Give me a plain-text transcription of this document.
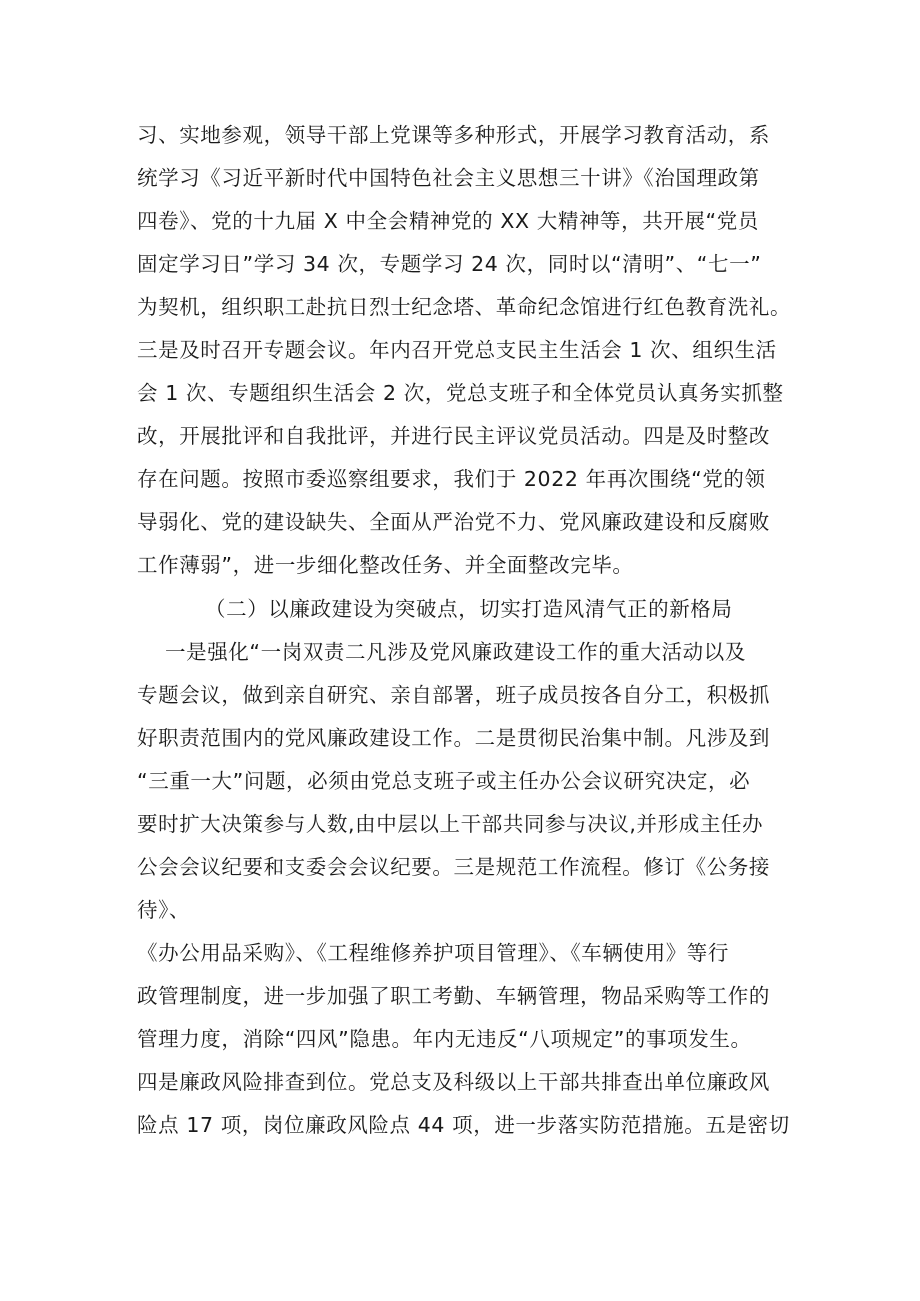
习、实地参观，领导干部上党课等多种形式，开展学习教育活动，系
统学习《习近平新时代中国特色社会主义思想三十讲》《治国理政第
四卷》、党的十九届 X 中全会精神党的 XX 大精神等，共开展“党员
固定学习日”学习 34 次，专题学习 24 次，同时以“清明”、“七一”
为契机，组织职工赴抗日烈士纪念塔、革命纪念馆进行红色教育洗礼。
三是及时召开专题会议。年内召开党总支民主生活会 1 次、组织生活
会 1 次、专题组织生活会 2 次，党总支班子和全体党员认真务实抓整
改，开展批评和自我批评，并进行民主评议党员活动。四是及时整改
存在问题。按照市委巡察组要求，我们于 2022 年再次围绕“党的领
导弱化、党的建设缺失、全面从严治党不力、党风廉政建设和反腐败
工作薄弱”，进一步细化整改任务、并全面整改完毕。
（二）以廉政建设为突破点，切实打造风清气正的新格局
一是强化“一岗双责二凡涉及党风廉政建设工作的重大活动以及
专题会议，做到亲自研究、亲自部署，班子成员按各自分工，积极抓
好职责范围内的党风廉政建设工作。二是贯彻民治集中制。凡涉及到
“三重一大”问题，必须由党总支班子或主任办公会议研究决定，必
要时扩大决策参与人数,由中层以上干部共同参与决议,并形成主任办
公会会议纪要和支委会会议纪要。三是规范工作流程。修订《公务接
待》、
《办公用品采购》、《工程维修养护项目管理》、《车辆使用》等行
政管理制度，进一步加强了职工考勤、车辆管理，物品采购等工作的
管理力度，消除“四风”隐患。年内无违反“八项规定”的事项发生。
四是廉政风险排查到位。党总支及科级以上干部共排查出单位廉政风
险点 17 项，岗位廉政风险点 44 项，进一步落实防范措施。五是密切
